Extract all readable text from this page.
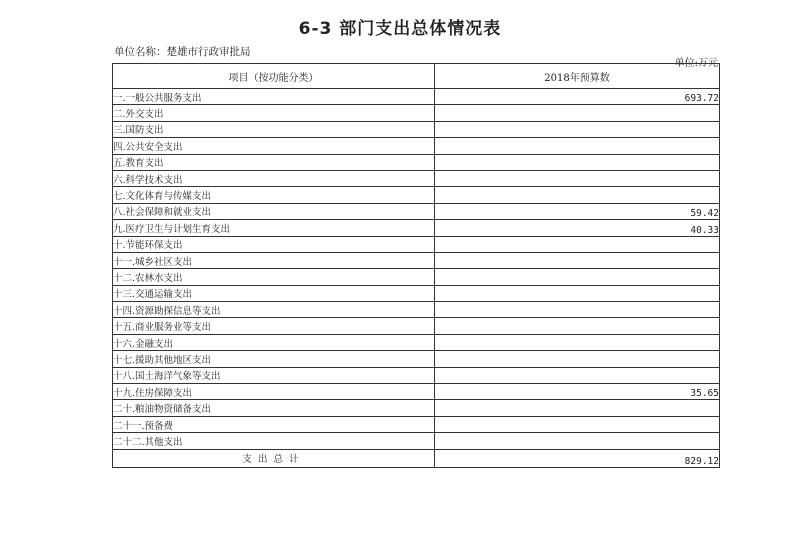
6-3 部门支出总体情况表
单位名称：楚雄市行政审批局
单位:万元
项目（按功能分类）	2018年预算数
一.一般公共服务支出	693.72
二.外交支出	
三.国防支出	
四.公共安全支出	
五.教育支出	
六.科学技术支出	
七.文化体育与传媒支出	
八.社会保障和就业支出	59.42
九.医疗卫生与计划生育支出	40.33
十.节能环保支出	
十一.城乡社区支出	
十二.农林水支出	
十三.交通运输支出	
十四.资源勘探信息等支出	
十五.商业服务业等支出	
十六.金融支出	
十七.援助其他地区支出	
十八.国土海洋气象等支出	
十九.住房保障支出	35.65
二十.粮油物资储备支出	
二十一.预备费	
二十二.其他支出	
支出总计	829.12
